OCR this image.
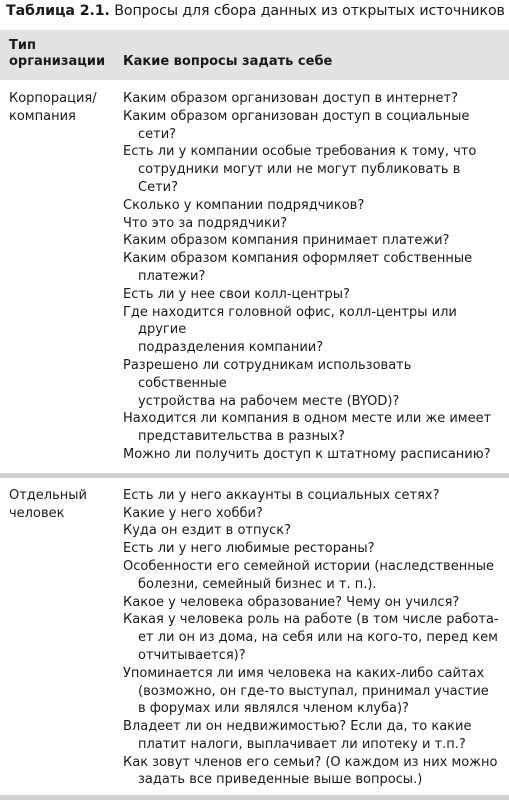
Таблица 2.1. Вопросы для сбора данных из открытых источников
Тип
организации Какие вопросы задать себе
Корпорация/
компания
Каким образом организован доступ в интернет?
Каким образом организован доступ в социальные сети?
Есть ли у компании особые требования к тому, что
сотрудники могут или не могут публиковать в Сети?
Сколько у компании подрядчиков?
Что это за подрядчики?
Каким образом компания принимает платежи?
Каким образом компания оформляет собственные
платежи?
Есть ли у нее свои колл-центры?
Где находится головной офис, колл-центры или другие
подразделения компании?
Разрешено ли сотрудникам использовать собственные
устройства на рабочем месте (BYOD)?
Находится ли компания в одном месте или же имеет
представительства в разных?
Можно ли получить доступ к штатному расписанию?
Отдельный
человек
Есть ли у него аккаунты в социальных сетях?
Какие у него хобби?
Куда он ездит в отпуск?
Есть ли у него любимые рестораны?
Особенности его семейной истории (наследственные
болезни, семейный бизнес и т. п.).
Какое у человека образование? Чему он учился?
Какая у человека роль на работе (в том числе работа-
ет ли он из дома, на себя или на кого-то, перед кем
отчитывается)?
Упоминается ли имя человека на каких-либо сайтах
(возможно, он где-то выступал, принимал участие
в форумах или являлся членом клуба)?
Владеет ли он недвижимостью? Если да, то какие
платит налоги, выплачивает ли ипотеку и т.п.?
Как зовут членов его семьи? (О каждом из них можно
задать все приведенные выше вопросы.)
